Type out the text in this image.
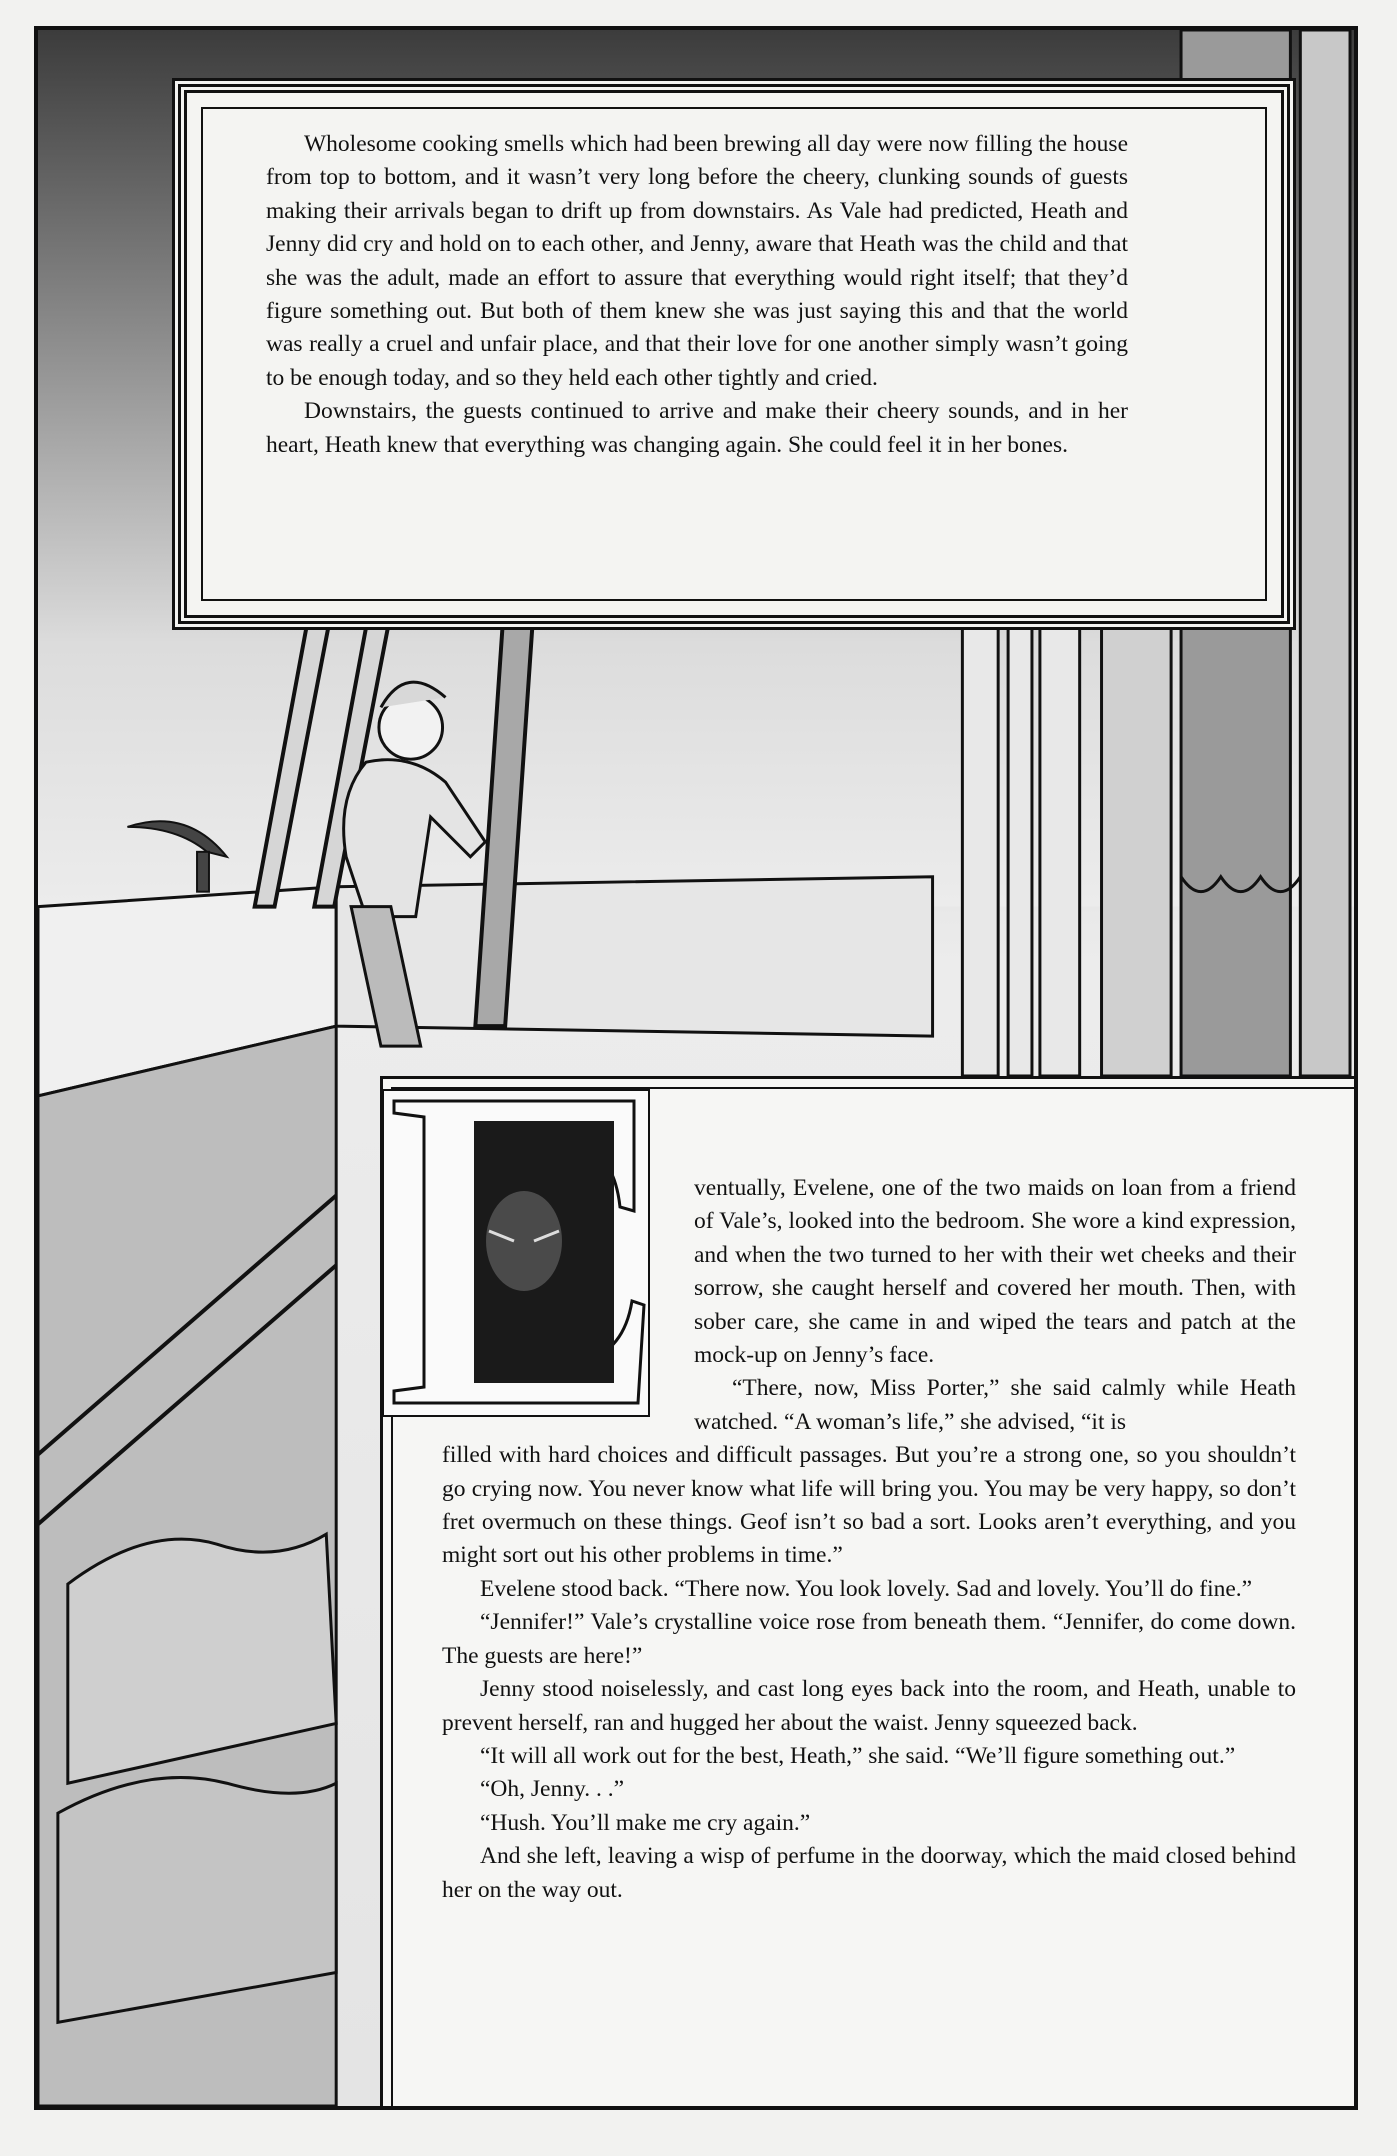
Wholesome cooking smells which had been brewing all day were now filling the house from top to bottom, and it wasn’t very long before the cheery, clunking sounds of guests making their arrivals began to drift up from downstairs. As Vale had predicted, Heath and Jenny did cry and hold on to each other, and Jenny, aware that Heath was the child and that she was the adult, made an effort to assure that everything would right itself; that they’d figure something out. But both of them knew she was just saying this and that the world was really a cruel and unfair place, and that their love for one another simply wasn’t going to be enough today, and so they held each other tightly and cried.

Downstairs, the guests continued to arrive and make their cheery sounds, and in her heart, Heath knew that everything was changing again. She could feel it in her bones.

ventually, Evelene, one of the two maids on loan from a friend of Vale’s, looked into the bedroom. She wore a kind expression, and when the two turned to her with their wet cheeks and their sorrow, she caught herself and covered her mouth. Then, with sober care, she came in and wiped the tears and patch at the mock-up on Jenny’s face.

“There, now, Miss Porter,” she said calmly while Heath watched. “A woman’s life,” she advised, “it is

filled with hard choices and difficult passages. But you’re a strong one, so you shouldn’t go crying now. You never know what life will bring you. You may be very happy, so don’t fret overmuch on these things. Geof isn’t so bad a sort. Looks aren’t everything, and you might sort out his other problems in time.”

Evelene stood back. “There now. You look lovely. Sad and lovely. You’ll do fine.”

“Jennifer!” Vale’s crystalline voice rose from beneath them. “Jennifer, do come down. The guests are here!”

Jenny stood noiselessly, and cast long eyes back into the room, and Heath, unable to prevent herself, ran and hugged her about the waist. Jenny squeezed back.

“It will all work out for the best, Heath,” she said. “We’ll figure something out.”

“Oh, Jenny. . .”

“Hush. You’ll make me cry again.”

And she left, leaving a wisp of perfume in the doorway, which the maid closed behind her on the way out.
